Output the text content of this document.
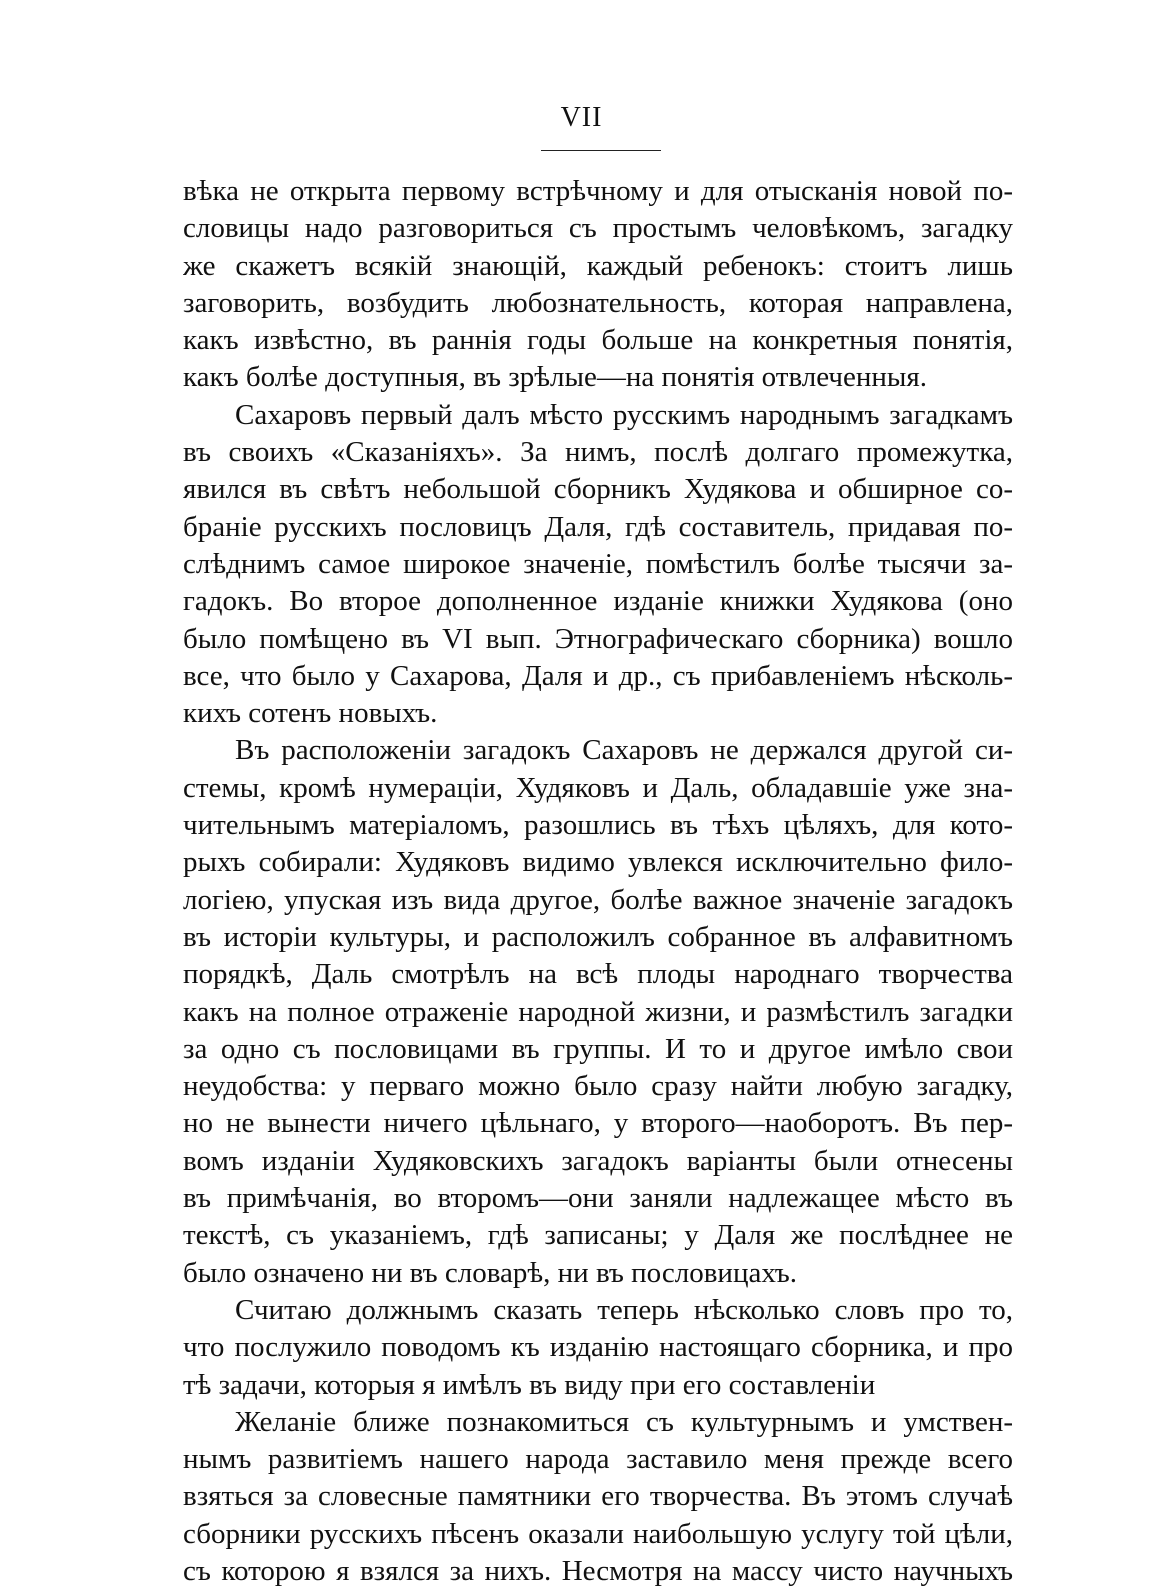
VII
вѣка не открыта первому встрѣчному и для отысканія новой по-
словицы надо разговориться съ простымъ человѣкомъ, загадку
же скажетъ всякій знающій, каждый ребенокъ: стоитъ лишь
заговорить, возбудить любознательность, которая направлена,
какъ извѣстно, въ раннія годы больше на конкретныя понятія,
какъ болѣе доступныя, въ зрѣлые—на понятія отвлеченныя.
Сахаровъ первый далъ мѣсто русскимъ народнымъ загадкамъ
въ своихъ «Сказаніяхъ». За нимъ, послѣ долгаго промежутка,
явился въ свѣтъ небольшой сборникъ Худякова и обширное со-
браніе русскихъ пословицъ Даля, гдѣ составитель, придавая по-
слѣднимъ самое широкое значеніе, помѣстилъ болѣе тысячи за-
гадокъ. Во второе дополненное изданіе книжки Худякова (оно
было помѣщено въ VI вып. Этнографическаго сборника) вошло
все, что было у Сахарова, Даля и др., съ прибавленіемъ нѣсколь-
кихъ сотенъ новыхъ.
Въ расположеніи загадокъ Сахаровъ не держался другой си-
стемы, кромѣ нумераціи, Худяковъ и Даль, обладавшіе уже зна-
чительнымъ матеріаломъ, разошлись въ тѣхъ цѣляхъ, для кото-
рыхъ собирали: Худяковъ видимо увлекся исключительно фило-
логіею, упуская изъ вида другое, болѣе важное значеніе загадокъ
въ исторіи культуры, и расположилъ собранное въ алфавитномъ
порядкѣ, Даль смотрѣлъ на всѣ плоды народнаго творчества
какъ на полное отраженіе народной жизни, и размѣстилъ загадки
за одно съ пословицами въ группы. И то и другое имѣло свои
неудобства: у перваго можно было сразу найти любую загадку,
но не вынести ничего цѣльнаго, у второго—наоборотъ. Въ пер-
вомъ изданіи Худяковскихъ загадокъ варіанты были отнесены
въ примѣчанія, во второмъ—они заняли надлежащее мѣсто въ
текстѣ, съ указаніемъ, гдѣ записаны; у Даля же послѣднее не
было означено ни въ словарѣ, ни въ пословицахъ.
Считаю должнымъ сказать теперь нѣсколько словъ про то,
что послужило поводомъ къ изданію настоящаго сборника, и про
тѣ задачи, которыя я имѣлъ въ виду при его составленіи
Желаніе ближе познакомиться съ культурнымъ и умствен-
нымъ развитіемъ нашего народа заставило меня прежде всего
взяться за словесные памятники его творчества. Въ этомъ случаѣ
сборники русскихъ пѣсенъ оказали наибольшую услугу той цѣли,
съ которою я взялся за нихъ. Несмотря на массу чисто научныхъ
